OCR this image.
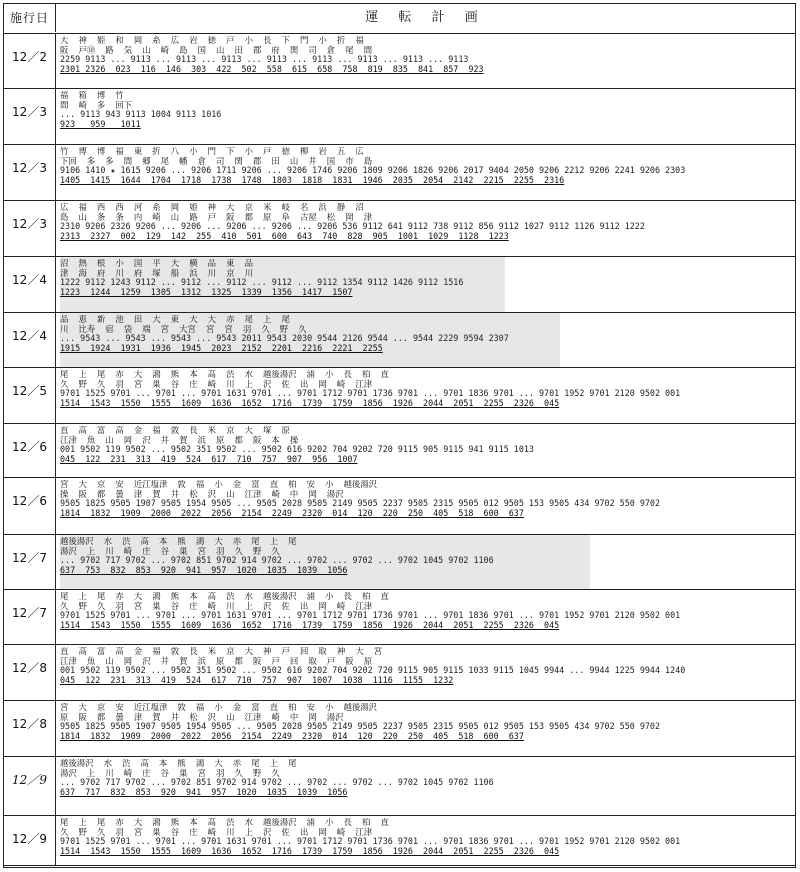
施行日	運 転 計 画
12／2
大  神  姫  和  岡  糸  広  岩  徳  戸  小  長  下  門  小  折  福
阪  戸⑩  路  気  山  崎  島  国  山  田  郡  府  関  司  倉  尾  間
2259 9113 ... 9113 ... 9113 ... 9113 ... 9113 ... 9113 ... 9113 ... 9113 ... 9113
2301 2326  023  116  146  303  422  502  558  615  658  758  819  835  841  857  923
12／3
福  箱  博  竹
間  崎  多  回下
... 9113 943 9113 1004 9113 1016
923   959   1011
12／3
竹  博  博  福  東  折  八  小  門  下  小  戸  徳  柳  岩  五  広
下回  多  多  間  郷  尾  幡  倉  司  関  郡  田  山  井  国  市  島
9106 1410 ★ 1615 9206 ... 9206 1711 9206 ... 9206 1746 9206 1809 9206 1826 9206 2017 9404 2050 9206 2212 9206 2241 9206 2303
1405  1415  1644  1704  1718  1738  1748  1803  1818  1831  1946  2035  2054  2142  2215  2255  2316
12／3
広  福  西  西  河  糸  岡  姫  神  大  京  米  岐  名  浜  静  沼
島  山  条  条  内  崎  山  路  戸  阪  都  原  阜  古屋  松  岡  津
2310 9206 2326 9206 ... 9206 ... 9206 ... 9206 ... 9206 536 9112 641 9112 738 9112 856 9112 1027 9112 1126 9112 1222
2313  2327  002  129  142  255  410  501  600  643  740  828  905  1001  1029  1128  1223
12／4
沼  熱  根  小  国  平  大  横  品  東  品
津  海  府  川  府  塚  船  浜  川  京  川
1222 9112 1243 9112 ... 9112 ... 9112 ... 9112 ... 9112 1354 9112 1426 9112 1516
1223  1244  1259  1305  1312  1325  1339  1356  1417  1507
12／4
品  恵  新  池  田  大  東  大  大  赤  尾  上  尾
川  比寿  宿  袋  端  宮  大宮  宮  宮  羽  久  野  久
... 9543 ... 9543 ... 9543 ... 9543 2011 9543 2030 9544 2126 9544 ... 9544 2229 9594 2307
1915  1924  1931  1936  1945  2023  2152  2201  2216  2221  2255
12／5
尾  上  尾  赤  大  鴻  熊  本  高  渋  水  越後湯沢  浦  小  長  柏  直
久  野  久  羽  宮  巣  谷  庄  崎  川  上  沢  佐  出  岡  崎  江津
9701 1525 9701 ... 9701 ... 9701 1631 9701 ... 9701 1712 9701 1736 9701 ... 9701 1836 9701 ... 9701 1952 9701 2120 9502 001
1514  1543  1550  1555  1609  1636  1652  1716  1739  1759  1856  1926  2044  2051  2255  2326  045
12／6
直  高  富  高  金  福  敦  長  米  京  大  塚  原
江津  魚  山  岡  沢  井  賀  浜  原  都  阪  本  操
001 9502 119 9502 ... 9502 351 9502 ... 9502 616 9202 704 9202 720 9115 905 9115 941 9115 1013
045  122  231  313  419  524  617  710  757  907  956  1007
12／6
宮  大  京  安  近江塩津  敦  福  小  金  富  直  柏  安  小  越後湯沢
操  阪  都  曇  津  賀  井  松  沢  山  江津  崎  中  岡  湯沢
9505 1825 9505 1907 9505 1954 9505 ... 9505 2028 9505 2149 9505 2237 9505 2315 9505 012 9505 153 9505 434 9702 550 9702
1814  1832  1909  2000  2022  2056  2154  2249  2320  014  120  220  250  405  518  600  637
12／7
越後湯沢  水  渋  高  本  熊  鴻  大  赤  尾  上  尾
湯沢  上  川  崎  庄  谷  巣  宮  羽  久  野  久
... 9702 717 9702 ... 9702 851 9702 914 9702 ... 9702 ... 9702 ... 9702 1045 9702 1106
637  753  832  853  920  941  957  1020  1035  1039  1056
12／7
尾  上  尾  赤  大  鴻  熊  本  高  渋  水  越後湯沢  浦  小  長  柏  直
久  野  久  羽  宮  巣  谷  庄  崎  川  上  沢  佐  出  岡  崎  江津
9701 1525 9701 ... 9701 ... 9701 1631 9701 ... 9701 1712 9701 1736 9701 ... 9701 1836 9701 ... 9701 1952 9701 2120 9502 001
1514  1543  1550  1555  1609  1636  1652  1716  1739  1759  1856  1926  2044  2051  2255  2326  045
12／8
直  高  富  高  金  福  敦  長  米  京  大  神  戸  回  取  神  大  宮
江津  魚  山  岡  沢  井  賀  浜  原  都  阪  戸  回  取  戸  阪  原
001 9502 119 9502 ... 9502 351 9502 ... 9502 616 9202 704 9202 720 9115 905 9115 1033 9115 1045 9944 ... 9944 1225 9944 1240
045  122  231  313  419  524  617  710  757  907  1007  1038  1116  1155  1232
12／8
宮  大  京  安  近江塩津  敦  福  小  金  富  直  柏  安  小  越後湯沢
原  阪  都  曇  津  賀  井  松  沢  山  江津  崎  中  岡  湯沢
9505 1825 9505 1907 9505 1954 9505 ... 9505 2028 9505 2149 9505 2237 9505 2315 9505 012 9505 153 9505 434 9702 550 9702
1814  1832  1909  2000  2022  2056  2154  2249  2320  014  120  220  250  405  518  600  637
12／9
越後湯沢  水  渋  高  本  熊  鴻  大  赤  尾  上  尾
湯沢  上  川  崎  庄  谷  巣  宮  羽  久  野  久
... 9702 717 9702 ... 9702 851 9702 914 9702 ... 9702 ... 9702 ... 9702 1045 9702 1106
637  717  832  853  920  941  957  1020  1035  1039  1056
12／9
尾  上  尾  赤  大  鴻  熊  本  高  渋  水  越後湯沢  浦  小  長  柏  直
久  野  久  羽  宮  巣  谷  庄  崎  川  上  沢  佐  出  岡  崎  江津
9701 1525 9701 ... 9701 ... 9701 1631 9701 ... 9701 1712 9701 1736 9701 ... 9701 1836 9701 ... 9701 1952 9701 2120 9502 001
1514  1543  1550  1555  1609  1636  1652  1716  1739  1759  1856  1926  2044  2051  2255  2326  045
